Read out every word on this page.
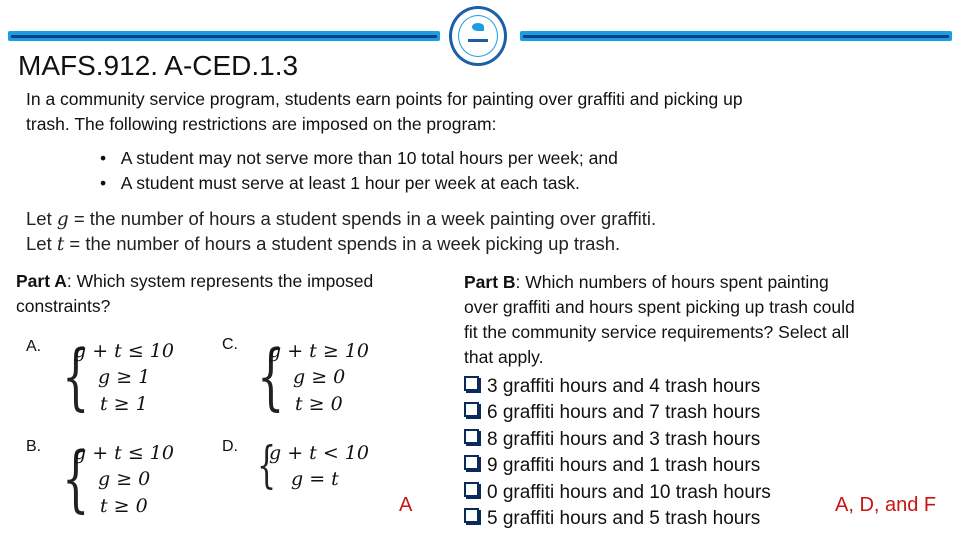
MAFS.912. A-CED.1.3
In a community service program, students earn points for painting over graffiti and picking up
trash. The following restrictions are imposed on the program:
•   A student may not serve more than 10 total hours per week; and
•   A student must serve at least 1 hour per week at each task.
Let g = the number of hours a student spends in a week painting over graffiti.
Let t = the number of hours a student spends in a week picking up trash.
Part A: Which system represents the imposed
constraints?
A. {
g + t ≤ 10
g ≥ 1
t ≥ 1
B. {
g + t ≤ 10
g ≥ 0
t ≥ 0
C. {
g + t ≥ 10
g ≥ 0
t ≥ 0
D. {
g + t < 10
g = t
A
Part B: Which numbers of hours spent painting
over graffiti and hours spent picking up trash could
fit the community service requirements? Select all
that apply.
3 graffiti hours and 4 trash hours
6 graffiti hours and 7 trash hours
8 graffiti hours and 3 trash hours
9 graffiti hours and 1 trash hours
0 graffiti hours and 10 trash hours
5 graffiti hours and 5 trash hours
A, D, and F
